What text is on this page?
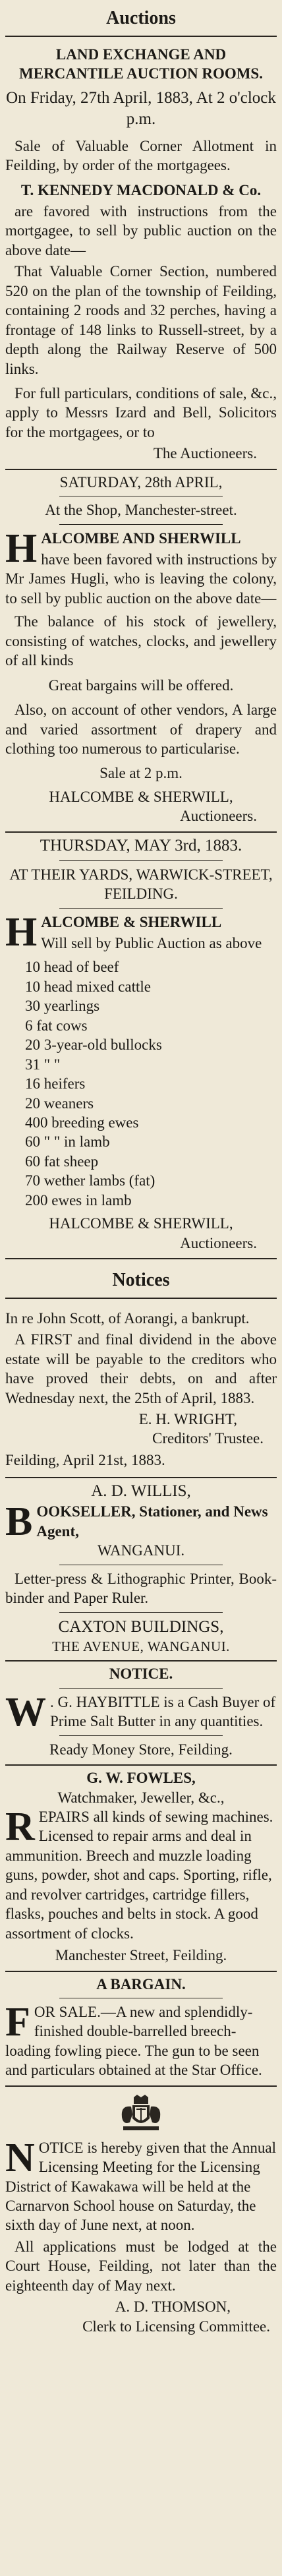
Auctions
LAND EXCHANGE AND MERCANTILE AUCTION ROOMS.
On Friday, 27th April, 1883, At 2 o'clock p.m.
Sale of Valuable Corner Allotment in Feilding, by order of the mortgagees.
T. KENNEDY MACDONALD & Co.
are favored with instructions from the mortgagee, to sell by public auction on the above date—
That Valuable Corner Section, numbered 520 on the plan of the township of Feilding, containing 2 roods and 32 perches, having a frontage of 148 links to Russell-street, by a depth along the Railway Reserve of 500 links.
For full particulars, conditions of sale, &c., apply to Messrs Izard and Bell, Solicitors for the mortgagees, or to
The Auctioneers.
SATURDAY, 28th APRIL,
At the Shop, Manchester-street.
H ALCOMBE AND SHERWILL
have been favored with instructions by Mr James Hugli, who is leaving the colony, to sell by public auction on the above date—
The balance of his stock of jewellery, consisting of watches, clocks, and jewellery of all kinds
Great bargains will be offered.
Also, on account of other vendors, A large and varied assortment of drapery and clothing too numerous to particularise.
Sale at 2 p.m.
HALCOMBE & SHERWILL,
Auctioneers.
THURSDAY, MAY 3rd, 1883.
AT THEIR YARDS, WARWICK-STREET, FEILDING.
H ALCOMBE & SHERWILL
Will sell by Public Auction as above
10 head of beef
10 head mixed cattle
30 yearlings
6 fat cows
20 3-year-old bullocks
31 " "
16 heifers
20 weaners
400 breeding ewes
60 " " in lamb
60 fat sheep
70 wether lambs (fat)
200 ewes in lamb
HALCOMBE & SHERWILL,
Auctioneers.
Notices
In re John Scott, of Aorangi, a bankrupt.
A FIRST and final dividend in the above estate will be payable to the creditors who have proved their debts, on and after Wednesday next, the 25th of April, 1883.
E. H. WRIGHT,
Creditors' Trustee.
Feilding, April 21st, 1883.
A. D. WILLIS,
B OOKSELLER, Stationer, and News Agent,
WANGANUI.
Letter-press & Lithographic Printer, Book-binder and Paper Ruler.
CAXTON BUILDINGS,
THE AVENUE, WANGANUI.
NOTICE.
W . G. HAYBITTLE is a Cash Buyer of Prime Salt Butter in any quantities.
Ready Money Store, Feilding.
G. W. FOWLES,
Watchmaker, Jeweller, &c.,
R EPAIRS all kinds of sewing machines. Licensed to repair arms and deal in ammunition. Breech and muzzle loading guns, powder, shot and caps. Sporting, rifle, and revolver cartridges, cartridge fillers, flasks, pouches and belts in stock. A good assortment of clocks.
Manchester Street, Feilding.
A BARGAIN.
F OR SALE.—A new and splendidly-finished double-barrelled breech-loading fowling piece. The gun to be seen and particulars obtained at the Star Office.
N OTICE is hereby given that the Annual Licensing Meeting for the Licensing District of Kawakawa will be held at the Carnarvon School house on Saturday, the sixth day of June next, at noon.
All applications must be lodged at the Court House, Feilding, not later than the eighteenth day of May next.
A. D. THOMSON,
Clerk to Licensing Committee.
